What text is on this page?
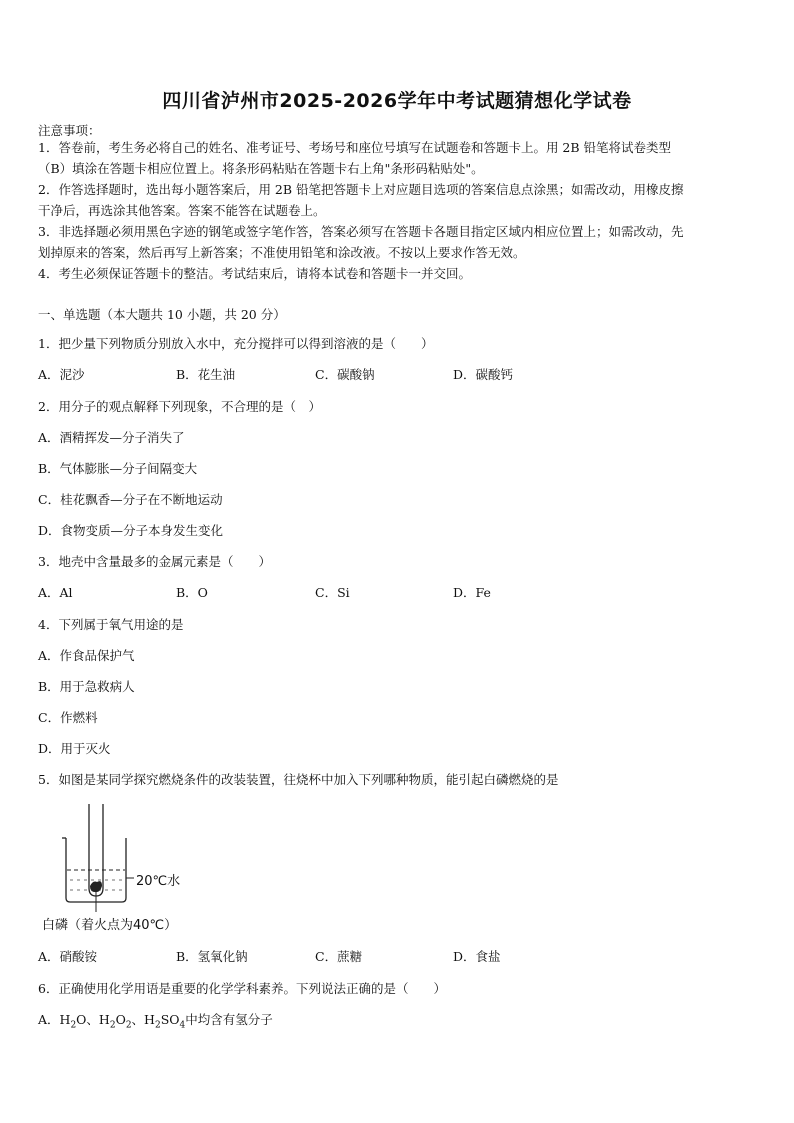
四川省泸州市2025-2026学年中考试题猜想化学试卷
注意事项：
1．答卷前，考生务必将自己的姓名、准考证号、考场号和座位号填写在试题卷和答题卡上。用 2B 铅笔将试卷类型
（B）填涂在答题卡相应位置上。将条形码粘贴在答题卡右上角"条形码粘贴处"。
2．作答选择题时，选出每小题答案后，用 2B 铅笔把答题卡上对应题目选项的答案信息点涂黑；如需改动，用橡皮擦
干净后，再选涂其他答案。答案不能答在试题卷上。
3．非选择题必须用黑色字迹的钢笔或签字笔作答，答案必须写在答题卡各题目指定区域内相应位置上；如需改动，先
划掉原来的答案，然后再写上新答案；不准使用铅笔和涂改液。不按以上要求作答无效。
4．考生必须保证答题卡的整洁。考试结束后，请将本试卷和答题卡一并交回。
一、单选题（本大题共 10 小题，共 20 分）
1．把少量下列物质分别放入水中，充分搅拌可以得到溶液的是（　　）
A．泥沙	B．花生油	C．碳酸钠	D．碳酸钙
2．用分子的观点解释下列现象，不合理的是（　）
A．酒精挥发—分子消失了
B．气体膨胀—分子间隔变大
C．桂花飘香—分子在不断地运动
D．食物变质—分子本身发生变化
3．地壳中含量最多的金属元素是（　　）
A．Al	B．O	C．Si	D．Fe
4．下列属于氧气用途的是
A．作食品保护气
B．用于急救病人
C．作燃料
D．用于灭火
5．如图是某同学探究燃烧条件的改装装置，往烧杯中加入下列哪种物质，能引起白磷燃烧的是
20℃水
白磷（着火点为40℃）
A．硝酸铵	B．氢氧化钠	C．蔗糖	D．食盐
6．正确使用化学用语是重要的化学学科素养。下列说法正确的是（　　）
A．$H_2O$、$H_2O_2$、$H_2SO_4$中均含有氢分子
